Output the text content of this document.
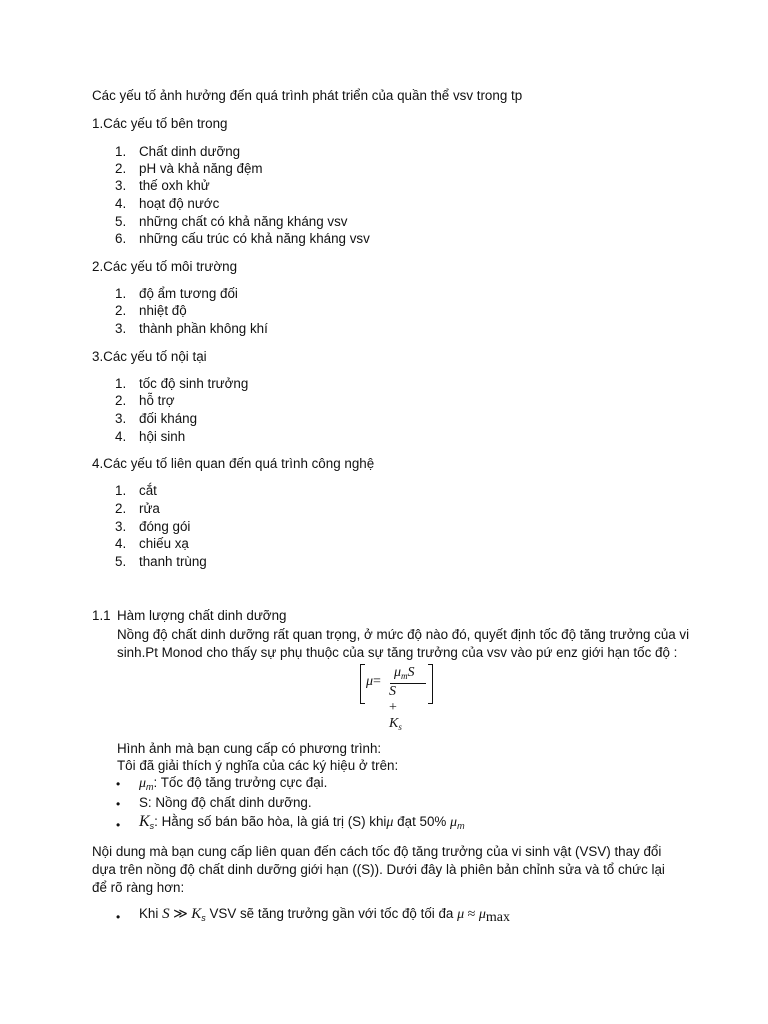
Các yếu tố ảnh hưởng đến quá trình phát triển của quần thể vsv trong tp
1.Các yếu tố bên trong
1. Chất dinh dưỡng
2. pH và khả năng đệm
3. thế oxh khử
4. hoạt độ nước
5. những chất có khả năng kháng vsv
6. những cấu trúc có khả năng kháng vsv
2.Các yếu tố môi trường
1. độ ẩm tương đối
2. nhiệt độ
3. thành phần không khí
3.Các yếu tố nội tại
1. tốc độ sinh trưởng
2. hỗ trợ
3. đối kháng
4. hội sinh
4.Các yếu tố liên quan đến quá trình công nghệ
1. cắt
2. rửa
3. đóng gói
4. chiếu xạ
5. thanh trùng
1.1 Hàm lượng chất dinh dưỡng
Nồng độ chất dinh dưỡng rất quan trọng, ở mức độ nào đó, quyết định tốc độ tăng trưởng của vi sinh.Pt Monod cho thấy sự phụ thuộc của sự tăng trưởng của vsv vào pứ enz giới hạn tốc độ :
μ=
$\mu_mS$
$S + K_s$
Hình ảnh mà bạn cung cấp có phương trình:
Tôi đã giải thích ý nghĩa của các ký hiệu ở trên:
• $\mu_m$: Tốc độ tăng trưởng cực đại.
• S: Nồng độ chất dinh dưỡng.
• $K_s$: Hằng số bán bão hòa, là giá trị (S) khiμ đạt 50% $\mu_m$
Nội dung mà bạn cung cấp liên quan đến cách tốc độ tăng trưởng của vi sinh vật (VSV) thay đổi dựa trên nồng độ chất dinh dưỡng giới hạn ((S)). Dưới đây là phiên bản chỉnh sửa và tổ chức lại để rõ ràng hơn:
• Khi S ≫ $K_s$ VSV sẽ tăng trưởng gần với tốc độ tối đa $\mu \approx \mu_{max}$
